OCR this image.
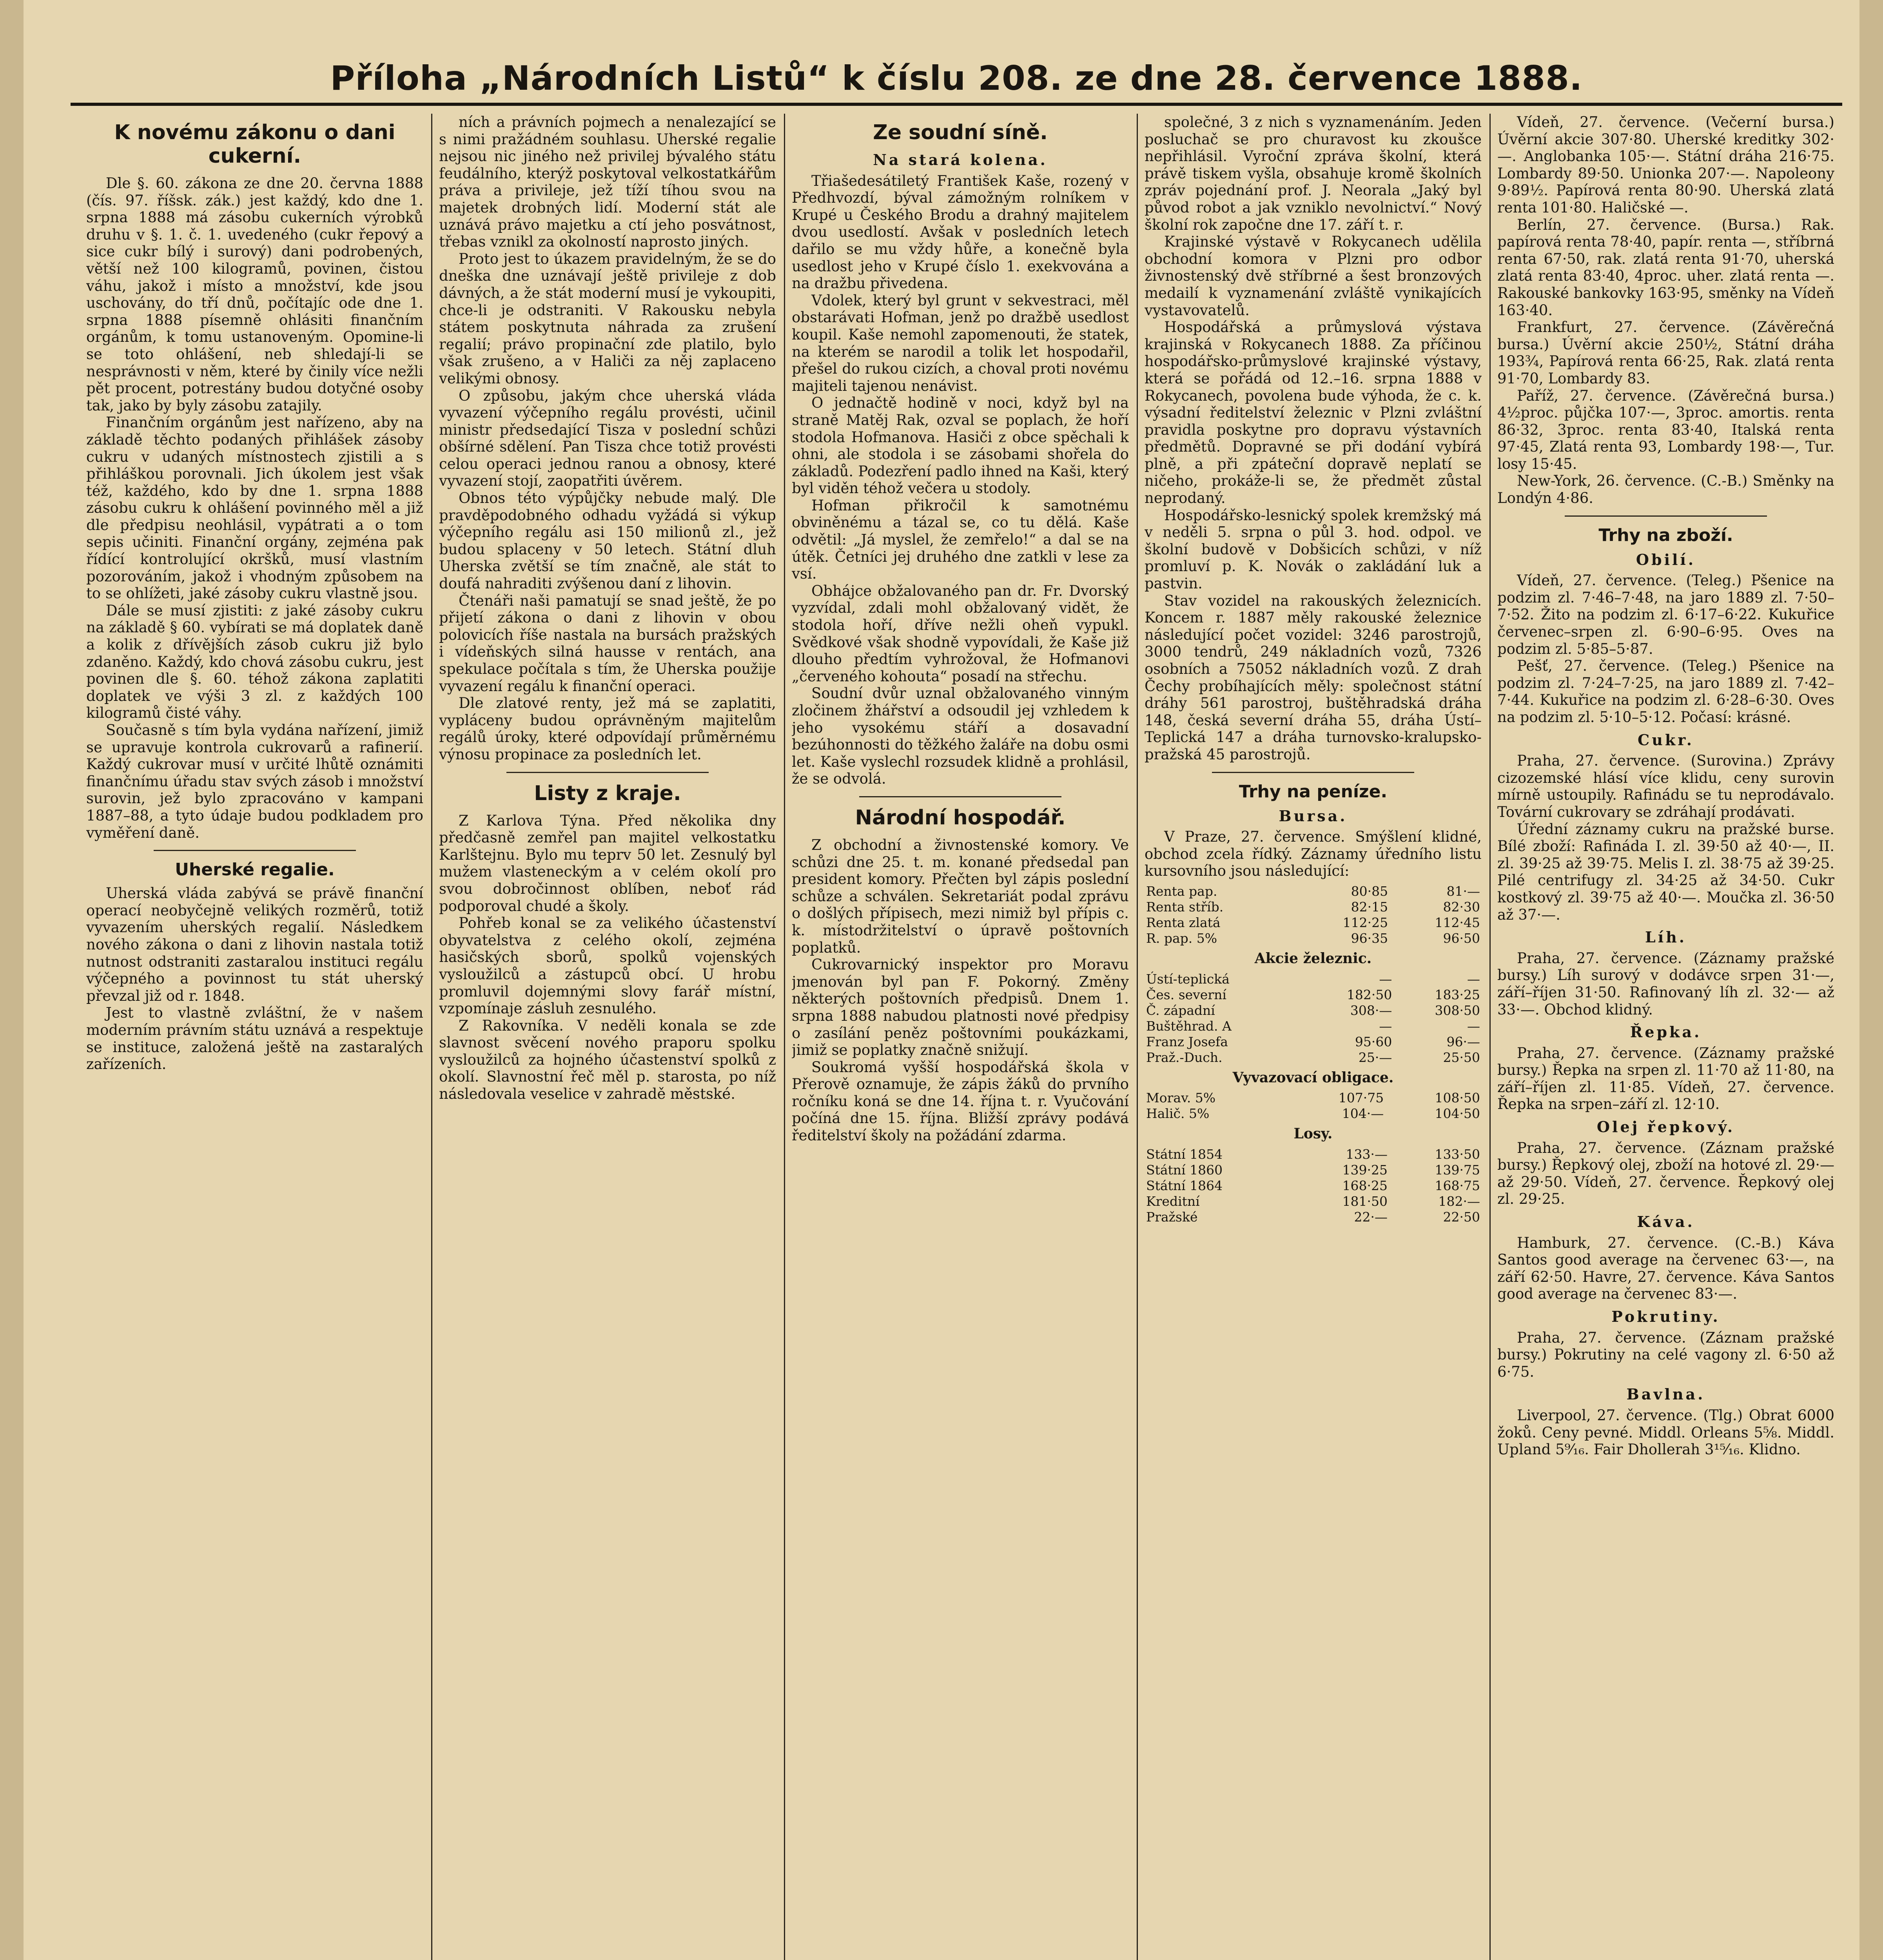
Příloha „Národních Listů“ k číslu 208. ze dne 28. července 1888.
K novému zákonu o dani cukerní.

Dle §. 60. zákona ze dne 20. června 1888 (čís. 97. říšsk. zák.) jest každý, kdo dne 1. srpna 1888 má zásobu cukerních výrobků druhu v §. 1. č. 1. uvedeného (cukr řepový a sice cukr bílý i surový) dani podrobených, větší než 100 kilogramů, povinen, čistou váhu, jakož i místo a množství, kde jsou uschovány, do tří dnů, počítajíc ode dne 1. srpna 1888 písemně ohlásiti finančním orgánům, k tomu ustanoveným. Opomine-li se toto ohlášení, neb shledají-li se nesprávnosti v něm, které by činily více nežli pět procent, potrestány budou dotyčné osoby tak, jako by byly zásobu zatajily.

Finančním orgánům jest nařízeno, aby na základě těchto podaných přihlášek zásoby cukru v udaných místnostech zjistili a s přihláškou porovnali. Jich úkolem jest však též, každého, kdo by dne 1. srpna 1888 zásobu cukru k ohlášení povinného měl a již dle předpisu neohlásil, vypátrati a o tom sepis učiniti. Finanční orgány, zejména pak řídící kontrolující okršků, musí vlastním pozorováním, jakož i vhodným způsobem na to se ohlížeti, jaké zásoby cukru vlastně jsou.

Dále se musí zjistiti: z jaké zásoby cukru na základě § 60. vybírati se má doplatek daně a kolik z dřívějších zásob cukru již bylo zdaněno. Každý, kdo chová zásobu cukru, jest povinen dle §. 60. téhož zákona zaplatiti doplatek ve výši 3 zl. z každých 100 kilogramů čisté váhy.

Současně s tím byla vydána nařízení, jimiž se upravuje kontrola cukrovarů a rafinerií. Každý cukrovar musí v určité lhůtě oznámiti finančnímu úřadu stav svých zásob i množství surovin, jež bylo zpracováno v kampani 1887–88, a tyto údaje budou podkladem pro vyměření daně.

Uherské regalie.

Uherská vláda zabývá se právě finanční operací neobyčejně velikých rozměrů, totiž vyvazením uherských regalií. Následkem nového zákona o dani z lihovin nastala totiž nutnost odstraniti zastaralou instituci regálu výčepného a povinnost tu stát uherský převzal již od r. 1848.

Jest to vlastně zvláštní, že v našem moderním právním státu uznává a respektuje se instituce, založená ještě na zastaralých zařízeních.

ních a právních pojmech a nenalezající se s nimi pražádném souhlasu. Uherské regalie nejsou nic jiného než privilej bývalého státu feudálního, kterýž poskytoval velkostatkářům práva a privileje, jež tíží tíhou svou na majetek drobných lidí. Moderní stát ale uznává právo majetku a ctí jeho posvátnost, třebas vznikl za okolností naprosto jiných.

Proto jest to úkazem pravidelným, že se do dneška dne uznávají ještě privileje z dob dávných, a že stát moderní musí je vykoupiti, chce-li je odstraniti. V Rakousku nebyla státem poskytnuta náhrada za zrušení regalií; právo propinační zde platilo, bylo však zrušeno, a v Haliči za něj zaplaceno velikými obnosy.

O způsobu, jakým chce uherská vláda vyvazení výčepního regálu provésti, učinil ministr předsedající Tisza v poslední schůzi obšírné sdělení. Pan Tisza chce totiž provésti celou operaci jednou ranou a obnosy, které vyvazení stojí, zaopatřiti úvěrem.

Obnos této výpůjčky nebude malý. Dle pravděpodobného odhadu vyžádá si výkup výčepního regálu asi 150 milionů zl., jež budou splaceny v 50 letech. Státní dluh Uherska zvětší se tím značně, ale stát to doufá nahraditi zvýšenou daní z lihovin.

Čtenáři naši pamatují se snad ještě, že po přijetí zákona o dani z lihovin v obou polovicích říše nastala na bursách pražských i vídeňských silná hausse v rentách, ana spekulace počítala s tím, že Uherska použije vyvazení regálu k finanční operaci.

Dle zlatové renty, jež má se zaplatiti, vypláceny budou oprávněným majitelům regálů úroky, které odpovídají průměrnému výnosu propinace za posledních let.

Listy z kraje.

Z Karlova Týna. Před několika dny předčasně zemřel pan majitel velkostatku Karlštejnu. Bylo mu teprv 50 let. Zesnulý byl mužem vlasteneckým a v celém okolí pro svou dobročinnost oblíben, neboť rád podporoval chudé a školy.

Pohřeb konal se za velikého účastenství obyvatelstva z celého okolí, zejména hasičských sborů, spolků vojenských vysloužilců a zástupců obcí. U hrobu promluvil dojemnými slovy farář místní, vzpomínaje zásluh zesnulého.

Z Rakovníka. V neděli konala se zde slavnost svěcení nového praporu spolku vysloužilců za hojného účastenství spolků z okolí. Slavnostní řeč měl p. starosta, po níž následovala veselice v zahradě městské.

Ze soudní síně.
Na stará kolena.

Třiašedesátiletý František Kaše, rozený v Předhvozdí, býval zámožným rolníkem v Krupé u Českého Brodu a drahný majitelem dvou usedlostí. Avšak v posledních letech dařilo se mu vždy hůře, a konečně byla usedlost jeho v Krupé číslo 1. exekvována a na dražbu přivedena.

Vdolek, který byl grunt v sekvestraci, měl obstarávati Hofman, jenž po dražbě usedlost koupil. Kaše nemohl zapomenouti, že statek, na kterém se narodil a tolik let hospodařil, přešel do rukou cizích, a choval proti novému majiteli tajenou nenávist.

O jednačtě hodině v noci, když byl na straně Matěj Rak, ozval se poplach, že hoří stodola Hofmanova. Hasiči z obce spěchali k ohni, ale stodola i se zásobami shořela do základů. Podezření padlo ihned na Kaši, který byl viděn téhož večera u stodoly.

Hofman přikročil k samotnému obviněnému a tázal se, co tu dělá. Kaše odvětil: „Já myslel, že zemřelo!“ a dal se na útěk. Četníci jej druhého dne zatkli v lese za vsí.

Obhájce obžalovaného pan dr. Fr. Dvorský vyzvídal, zdali mohl obžalovaný vidět, že stodola hoří, dříve nežli oheň vypukl. Svědkové však shodně vypovídali, že Kaše již dlouho předtím vyhrožoval, že Hofmanovi „červeného kohouta“ posadí na střechu.

Soudní dvůr uznal obžalovaného vinným zločinem žhářství a odsoudil jej vzhledem k jeho vysokému stáří a dosavadní bezúhonnosti do těžkého žaláře na dobu osmi let. Kaše vyslechl rozsudek klidně a prohlásil, že se odvolá.

Národní hospodář.

Z obchodní a živnostenské komory. Ve schůzi dne 25. t. m. konané předsedal pan president komory. Přečten byl zápis poslední schůze a schválen. Sekretariát podal zprávu o došlých přípisech, mezi nimiž byl přípis c. k. místodržitelství o úpravě poštovních poplatků.

Cukrovarnický inspektor pro Moravu jmenován byl pan F. Pokorný. Změny některých poštovních předpisů. Dnem 1. srpna 1888 nabudou platnosti nové předpisy o zasílání peněz poštovními poukázkami, jimiž se poplatky značně snižují.

Soukromá vyšší hospodářská škola v Přerově oznamuje, že zápis žáků do prvního ročníku koná se dne 14. října t. r. Vyučování počíná dne 15. října. Bližší zprávy podává ředitelství školy na požádání zdarma.

společné, 3 z nich s vyznamenáním. Jeden posluchač se pro churavost ku zkoušce nepřihlásil. Vyroční zpráva školní, která právě tiskem vyšla, obsahuje kromě školních zpráv pojednání prof. J. Neorala „Jaký byl původ robot a jak vzniklo nevolnictví.“ Nový školní rok započne dne 17. září t. r.

Krajinské výstavě v Rokycanech udělila obchodní komora v Plzni pro odbor živnostenský dvě stříbrné a šest bronzových medailí k vyznamenání zvláště vynikajících vystavovatelů.

Hospodářská a průmyslová výstava krajinská v Rokycanech 1888. Za příčinou hospodářsko-průmyslové krajinské výstavy, která se pořádá od 12.–16. srpna 1888 v Rokycanech, povolena bude výhoda, že c. k. výsadní ředitelství železnic v Plzni zvláštní pravidla poskytne pro dopravu výstavních předmětů. Dopravné se při dodání vybírá plně, a při zpáteční dopravě neplatí se ničeho, prokáže-li se, že předmět zůstal neprodaný.

Hospodářsko-lesnický spolek kremžský má v neděli 5. srpna o půl 3. hod. odpol. ve školní budově v Dobšicích schůzi, v níž promluví p. K. Novák o zakládání luk a pastvin.

Stav vozidel na rakouských železnicích. Koncem r. 1887 měly rakouské železnice následující počet vozidel: 3246 parostrojů, 3000 tendrů, 249 nákladních vozů, 7326 osobních a 75052 nákladních vozů. Z drah Čechy probíhajících měly: společnost státní dráhy 561 parostroj, buštěhradská dráha 148, česká severní dráha 55, dráha Ústí–Teplická 147 a dráha turnovsko-kralupsko-pražská 45 parostrojů.

Trhy na peníze.
Bursa.

V Praze, 27. července. Smýšlení klidné, obchod zcela řídký. Záznamy úředního listu kursovního jsou následující:

Renta pap.	80·85	81·—
Renta stříb.	82·15	82·30
Renta zlatá	112·25	112·45
R. pap. 5%	96·35	96·50
Akcie železnic.
Ústí-teplická	—	—
Čes. severní	182·50	183·25
Č. západní	308·—	308·50
Buštěhrad. A	—	—
Franz Josefa	95·60	96·—
Praž.-Duch.	25·—	25·50
Vyvazovací obligace.
Morav. 5%	107·75	108·50
Halič. 5%	104·—	104·50
Losy.
Státní 1854	133·—	133·50
Státní 1860	139·25	139·75
Státní 1864	168·25	168·75
Kreditní	181·50	182·—
Pražské	22·—	22·50

Vídeň, 27. července. (Večerní bursa.) Úvěrní akcie 307·80. Uherské kreditky 302·—. Anglobanka 105·—. Státní dráha 216·75. Lombardy 89·50. Unionka 207·—. Napoleony 9·89½. Papírová renta 80·90. Uherská zlatá renta 101·80. Haličské —.

Berlín, 27. července. (Bursa.) Rak. papírová renta 78·40, papír. renta —, stříbrná renta 67·50, rak. zlatá renta 91·70, uherská zlatá renta 83·40, 4proc. uher. zlatá renta —. Rakouské bankovky 163·95, směnky na Vídeň 163·40.

Frankfurt, 27. července. (Závěrečná bursa.) Úvěrní akcie 250½, Státní dráha 193¾, Papírová renta 66·25, Rak. zlatá renta 91·70, Lombardy 83.

Paříž, 27. července. (Závěrečná bursa.) 4½proc. půjčka 107·—, 3proc. amortis. renta 86·32, 3proc. renta 83·40, Italská renta 97·45, Zlatá renta 93, Lombardy 198·—, Tur. losy 15·45.

New-York, 26. července. (C.-B.) Směnky na Londýn 4·86.

Trhy na zboží.
Obilí.

Vídeň, 27. července. (Teleg.) Pšenice na podzim zl. 7·46–7·48, na jaro 1889 zl. 7·50–7·52. Žito na podzim zl. 6·17–6·22. Kukuřice červenec–srpen zl. 6·90–6·95. Oves na podzim zl. 5·85–5·87.

Pešť, 27. července. (Teleg.) Pšenice na podzim zl. 7·24–7·25, na jaro 1889 zl. 7·42–7·44. Kukuřice na podzim zl. 6·28–6·30. Oves na podzim zl. 5·10–5·12. Počasí: krásné.

Cukr.

Praha, 27. července. (Surovina.) Zprávy cizozemské hlásí více klidu, ceny surovin mírně ustoupily. Rafinádu se tu neprodávalo. Tovární cukrovary se zdráhají prodávati.

Úřední záznamy cukru na pražské burse. Bílé zboží: Rafináda I. zl. 39·50 až 40·—, II. zl. 39·25 až 39·75. Melis I. zl. 38·75 až 39·25. Pilé centrifugy zl. 34·25 až 34·50. Cukr kostkový zl. 39·75 až 40·—. Moučka zl. 36·50 až 37·—.

Líh.

Praha, 27. července. (Záznamy pražské bursy.) Líh surový v dodávce srpen 31·—, září–říjen 31·50. Rafinovaný líh zl. 32·— až 33·—. Obchod klidný.

Řepka.

Praha, 27. července. (Záznamy pražské bursy.) Řepka na srpen zl. 11·70 až 11·80, na září–říjen zl. 11·85. Vídeň, 27. července. Řepka na srpen–září zl. 12·10.

Olej řepkový.

Praha, 27. července. (Záznam pražské bursy.) Řepkový olej, zboží na hotové zl. 29·— až 29·50. Vídeň, 27. července. Řepkový olej zl. 29·25.

Káva.

Hamburk, 27. července. (C.-B.) Káva Santos good average na červenec 63·—, na září 62·50. Havre, 27. července. Káva Santos good average na červenec 83·—.

Pokrutiny.

Praha, 27. července. (Záznam pražské bursy.) Pokrutiny na celé vagony zl. 6·50 až 6·75.

Bavlna.

Liverpool, 27. července. (Tlg.) Obrat 6000 žoků. Ceny pevné. Middl. Orleans 5⅝. Middl. Upland 5⁹⁄₁₆. Fair Dhollerah 3¹⁵⁄₁₆. Klidno.
